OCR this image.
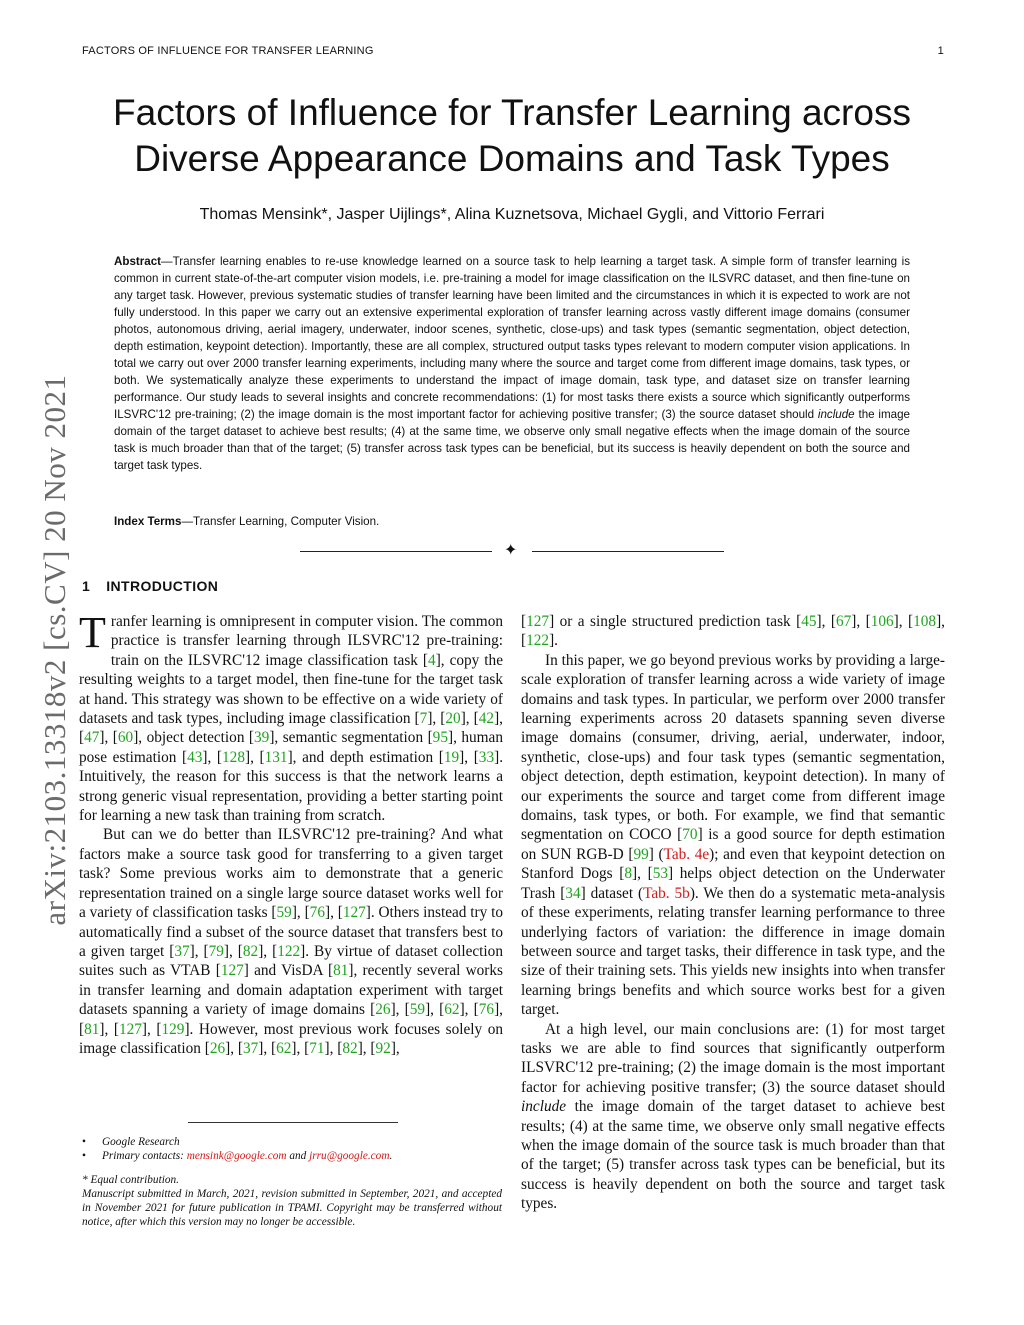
FACTORS OF INFLUENCE FOR TRANSFER LEARNING	1
arXiv:2103.13318v2 [cs.CV] 20 Nov 2021
Factors of Influence for Transfer Learning across
Diverse Appearance Domains and Task Types
Thomas Mensink*, Jasper Uijlings*, Alina Kuznetsova, Michael Gygli, and Vittorio Ferrari

Abstract—Transfer learning enables to re-use knowledge learned on a source task to help learning a target task. A simple form of transfer learning is common in current state-of-the-art computer vision models, i.e. pre-training a model for image classification on the ILSVRC dataset, and then fine-tune on any target task. However, previous systematic studies of transfer learning have been limited and the circumstances in which it is expected to work are not fully understood. In this paper we carry out an extensive experimental exploration of transfer learning across vastly different image domains (consumer photos, autonomous driving, aerial imagery, underwater, indoor scenes, synthetic, close-ups) and task types (semantic segmentation, object detection, depth estimation, keypoint detection). Importantly, these are all complex, structured output tasks types relevant to modern computer vision applications. In total we carry out over 2000 transfer learning experiments, including many where the source and target come from different image domains, task types, or both. We systematically analyze these experiments to understand the impact of image domain, task type, and dataset size on transfer learning performance. Our study leads to several insights and concrete recommendations: (1) for most tasks there exists a source which significantly outperforms ILSVRC'12 pre-training; (2) the image domain is the most important factor for achieving positive transfer; (3) the source dataset should include the image domain of the target dataset to achieve best results; (4) at the same time, we observe only small negative effects when the image domain of the source task is much broader than that of the target; (5) transfer across task types can be beneficial, but its success is heavily dependent on both the source and target task types.

Index Terms—Transfer Learning, Computer Vision.

✦
1 INTRODUCTION

Tranfer learning is omnipresent in computer vision. The common practice is transfer learning through ILSVRC'12 pre-training: train on the ILSVRC'12 image classification task [4], copy the resulting weights to a target model, then fine-tune for the target task at hand. This strategy was shown to be effective on a wide variety of datasets and task types, including image classification [7], [20], [42], [47], [60], object detection [39], semantic segmentation [95], human pose estimation [43], [128], [131], and depth estimation [19], [33]. Intuitively, the reason for this success is that the network learns a strong generic visual representation, providing a better starting point for learning a new task than training from scratch.

But can we do better than ILSVRC'12 pre-training? And what factors make a source task good for transferring to a given target task? Some previous works aim to demonstrate that a generic representation trained on a single large source dataset works well for a variety of classification tasks [59], [76], [127]. Others instead try to automatically find a subset of the source dataset that transfers best to a given target [37], [79], [82], [122]. By virtue of dataset collection suites such as VTAB [127] and VisDA [81], recently several works in transfer learning and domain adaptation experiment with target datasets spanning a variety of image domains [26], [59], [62], [76], [81], [127], [129]. However, most previous work focuses solely on image classification [26], [37], [62], [71], [82], [92],

• Google Research
• Primary contacts: mensink@google.com and jrru@google.com.
* Equal contribution.
Manuscript submitted in March, 2021, revision submitted in September, 2021, and accepted in November 2021 for future publication in TPAMI. Copyright may be transferred without notice, after which this version may no longer be accessible.

[127] or a single structured prediction task [45], [67], [106], [108], [122].

In this paper, we go beyond previous works by providing a large-scale exploration of transfer learning across a wide variety of image domains and task types. In particular, we perform over 2000 transfer learning experiments across 20 datasets spanning seven diverse image domains (consumer, driving, aerial, underwater, indoor, synthetic, close-ups) and four task types (semantic segmentation, object detection, depth estimation, keypoint detection). In many of our experiments the source and target come from different image domains, task types, or both. For example, we find that semantic segmentation on COCO [70] is a good source for depth estimation on SUN RGB-D [99] (Tab. 4e); and even that keypoint detection on Stanford Dogs [8], [53] helps object detection on the Underwater Trash [34] dataset (Tab. 5b). We then do a systematic meta-analysis of these experiments, relating transfer learning performance to three underlying factors of variation: the difference in image domain between source and target tasks, their difference in task type, and the size of their training sets. This yields new insights into when transfer learning brings benefits and which source works best for a given target.

At a high level, our main conclusions are: (1) for most target tasks we are able to find sources that significantly outperform ILSVRC'12 pre-training; (2) the image domain is the most important factor for achieving positive transfer; (3) the source dataset should include the image domain of the target dataset to achieve best results; (4) at the same time, we observe only small negative effects when the image domain of the source task is much broader than that of the target; (5) transfer across task types can be beneficial, but its success is heavily dependent on both the source and target task types.
